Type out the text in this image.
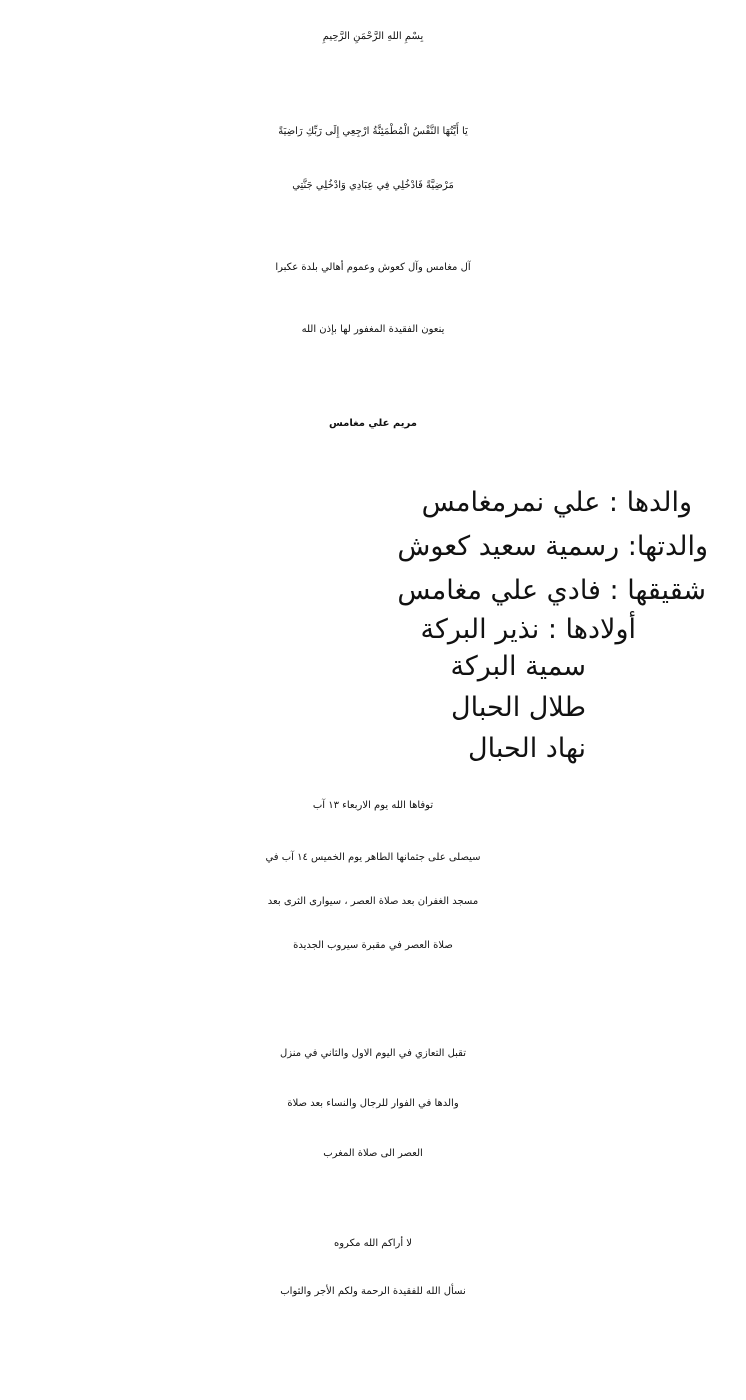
بِسْمِ اللهِ الرَّحْمَنِ الرَّحِيمِ
يَا أَيَّتُهَا النَّفْسُ الْمُطْمَئِنَّةُ ارْجِعِي إِلَى رَبِّكِ رَاضِيَةً
مَرْضِيَّةً فَادْخُلِي فِي عِبَادِي وَادْخُلِي جَنَّتِي
آل مغامس وآل كعوش وعموم أهالي بلدة عكبرا
ينعون الفقيدة المغفور لها بإذن الله
مريم علي مغامس
والدها : علي نمرمغامس
والدتها: رسمية سعيد كعوش
شقيقها : فادي علي مغامس
أولادها : نذير البركة
سمية البركة
طلال الحبال
نهاد الحبال
توفاها الله يوم الاربعاء ١٣ آب
سيصلى على جثمانها الطاهر يوم الخميس ١٤ آب في
مسجد الغفران بعد صلاة العصر ، سيوارى الثرى بعد
صلاة العصر في مقبرة سيروب الجديدة
تقبل التعازي في اليوم الاول والثاني في منزل
والدها في الفوار للرجال والنساء بعد صلاة
العصر الى صلاة المغرب
لا أراكم الله مكروه
نسأل الله للفقيدة الرحمة ولكم الأجر والثواب
